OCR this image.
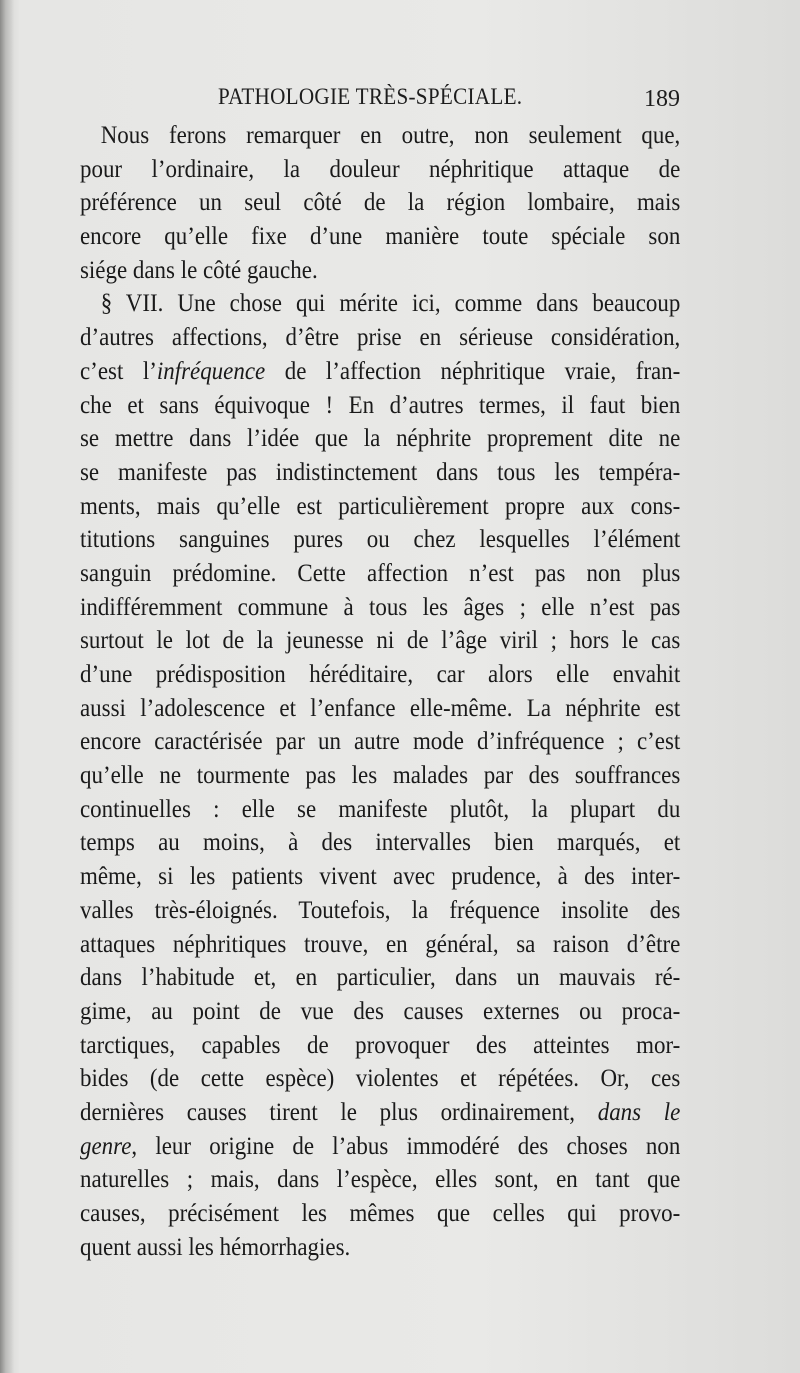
PATHOLOGIE TRÈS-SPÉCIALE.	189
Nous ferons remarquer en outre, non seulement que,
pour l’ordinaire, la douleur néphritique attaque de
préférence un seul côté de la région lombaire, mais
encore qu’elle fixe d’une manière toute spéciale son
siége dans le côté gauche.
§ VII. Une chose qui mérite ici, comme dans beaucoup
d’autres affections, d’être prise en sérieuse considération,
c’est l’infréquence de l’affection néphritique vraie, fran-
che et sans équivoque ! En d’autres termes, il faut bien
se mettre dans l’idée que la néphrite proprement dite ne
se manifeste pas indistinctement dans tous les tempéra-
ments, mais qu’elle est particulièrement propre aux cons-
titutions sanguines pures ou chez lesquelles l’élément
sanguin prédomine. Cette affection n’est pas non plus
indifféremment commune à tous les âges ; elle n’est pas
surtout le lot de la jeunesse ni de l’âge viril ; hors le cas
d’une prédisposition héréditaire, car alors elle envahit
aussi l’adolescence et l’enfance elle-même. La néphrite est
encore caractérisée par un autre mode d’infréquence ; c’est
qu’elle ne tourmente pas les malades par des souffrances
continuelles : elle se manifeste plutôt, la plupart du
temps au moins, à des intervalles bien marqués, et
même, si les patients vivent avec prudence, à des inter-
valles très-éloignés. Toutefois, la fréquence insolite des
attaques néphritiques trouve, en général, sa raison d’être
dans l’habitude et, en particulier, dans un mauvais ré-
gime, au point de vue des causes externes ou proca-
tarctiques, capables de provoquer des atteintes mor-
bides (de cette espèce) violentes et répétées. Or, ces
dernières causes tirent le plus ordinairement, dans le
genre, leur origine de l’abus immodéré des choses non
naturelles ; mais, dans l’espèce, elles sont, en tant que
causes, précisément les mêmes que celles qui provo-
quent aussi les hémorrhagies.
